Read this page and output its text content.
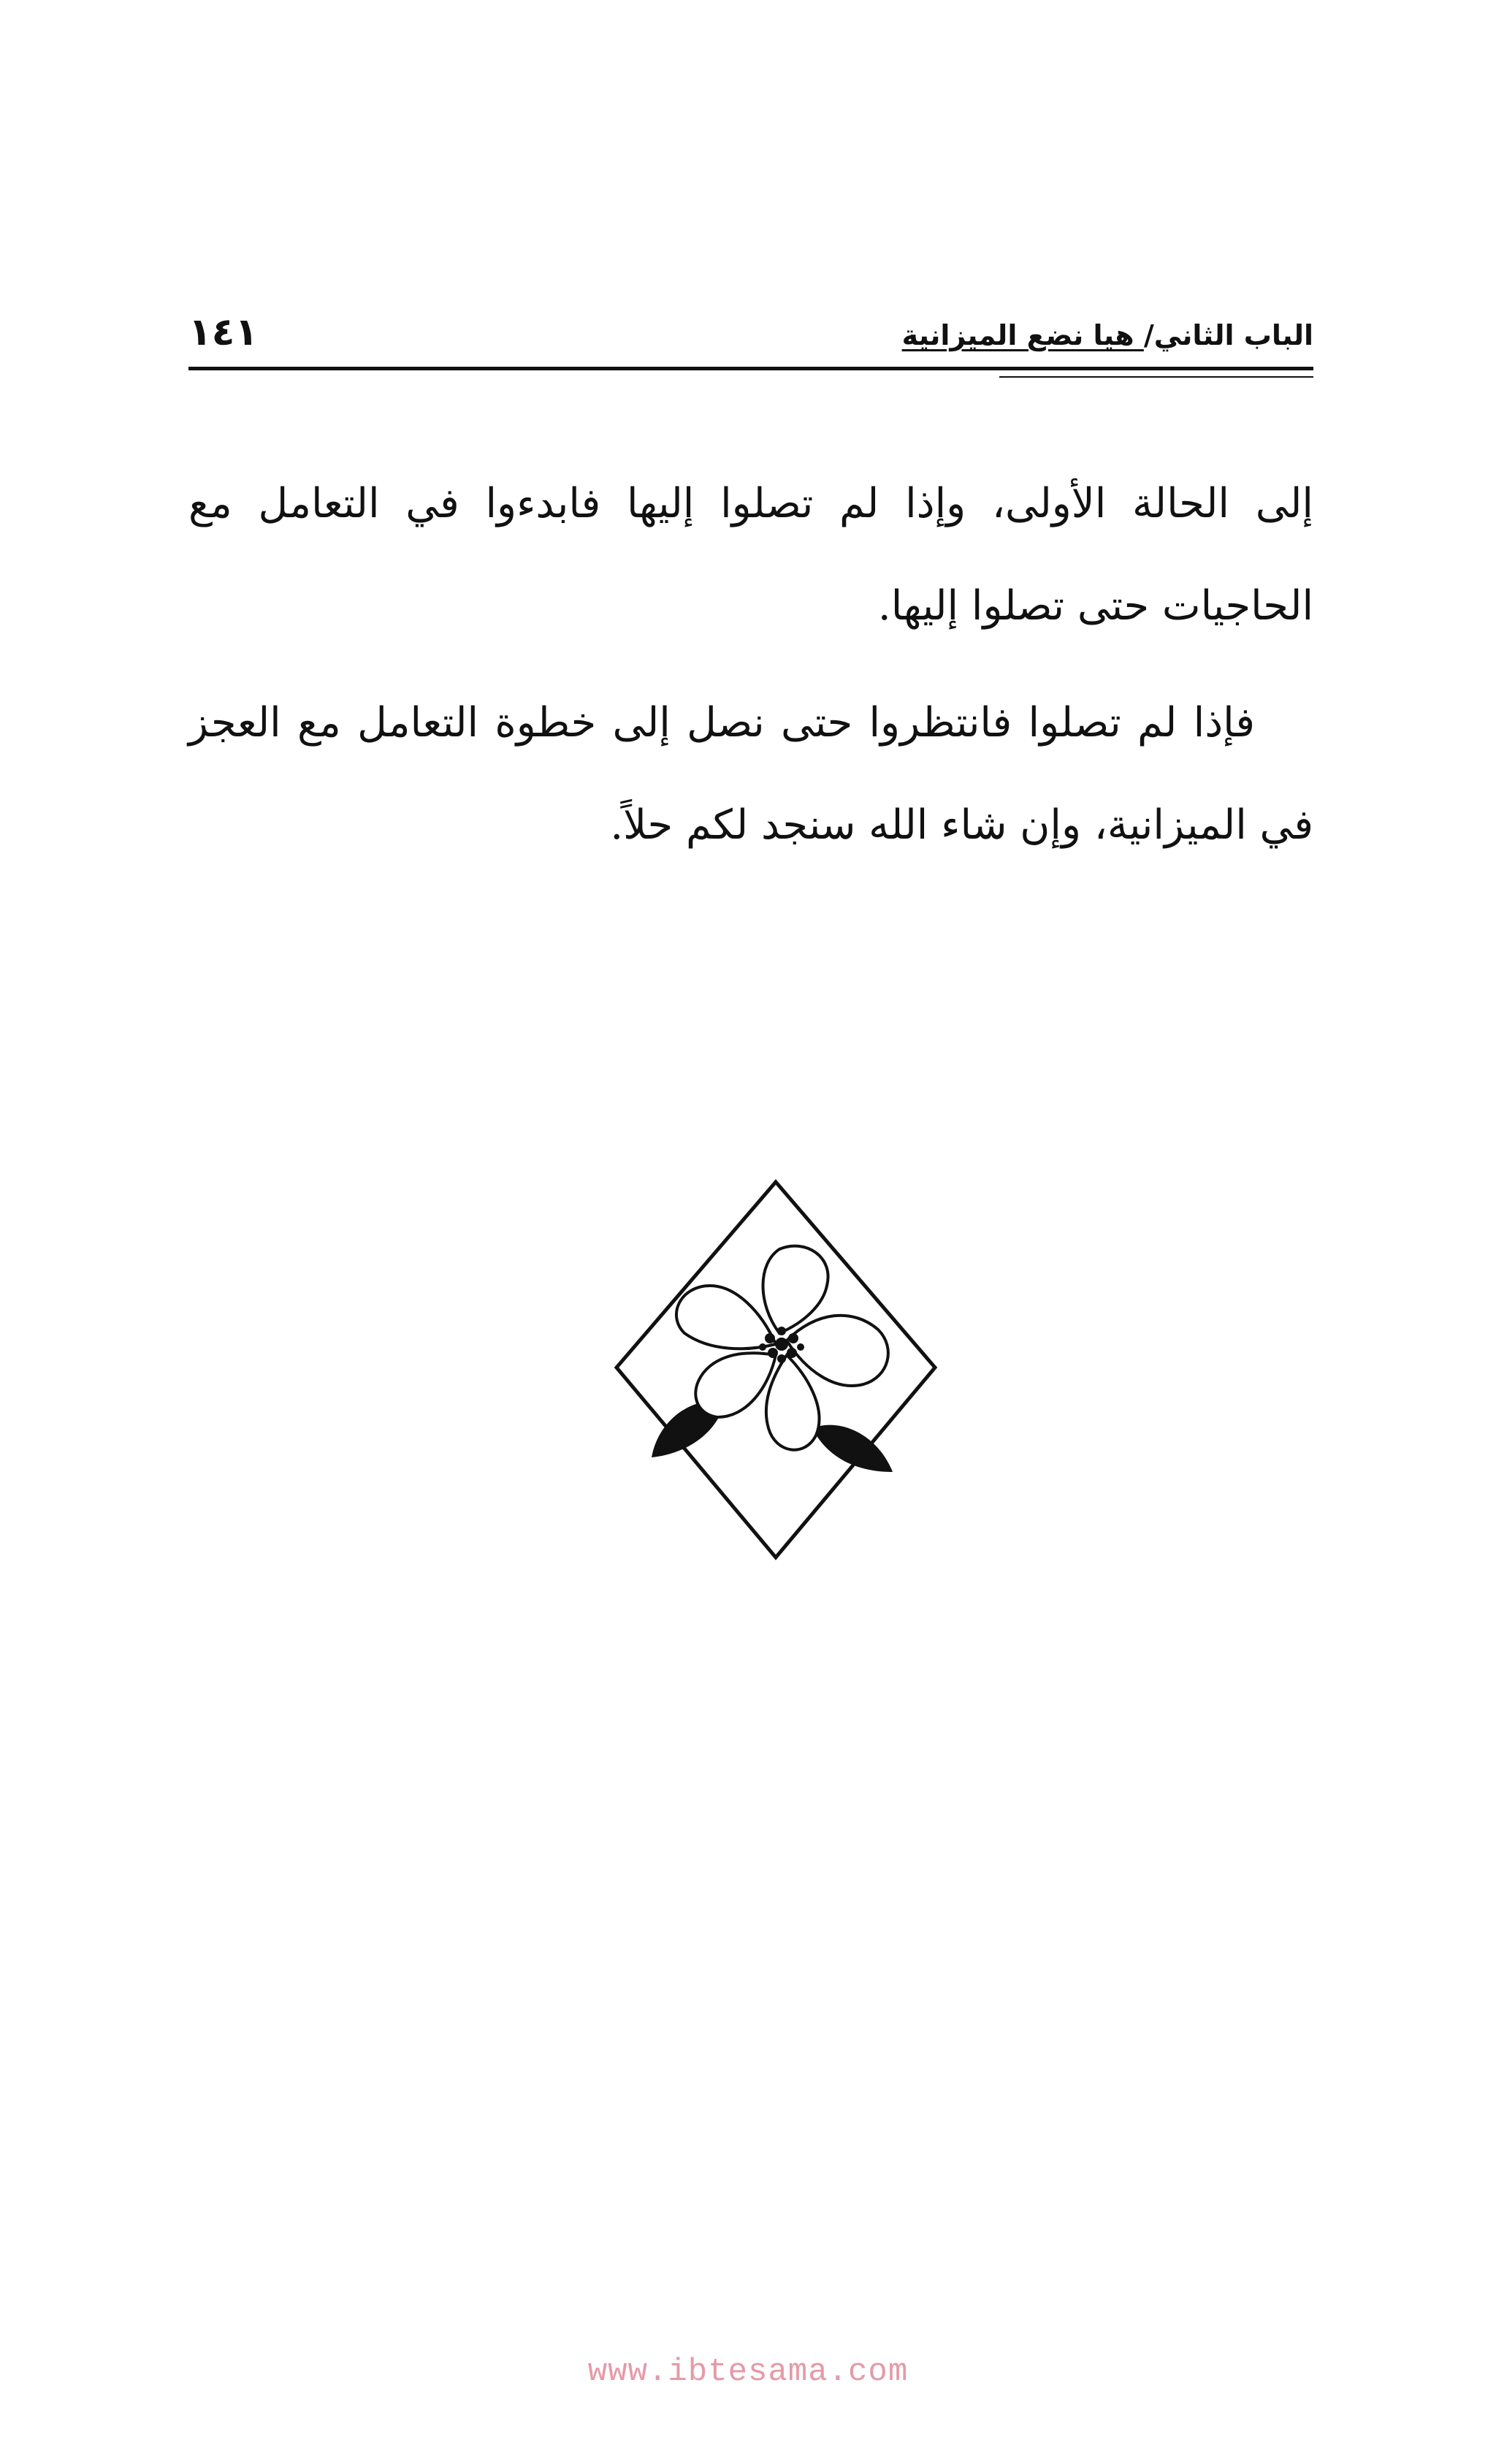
الباب الثاني/ هيا نضع الميزانية
١٤١

إلى الحالة الأولى، وإذا لم تصلوا إليها فابدءوا في التعامل مع الحاجيات حتى تصلوا إليها.

فإذا لم تصلوا فانتظروا حتى نصل إلى خطوة التعامل مع العجز في الميزانية، وإن شاء الله سنجد لكم حلاً.

www.ibtesama.com
